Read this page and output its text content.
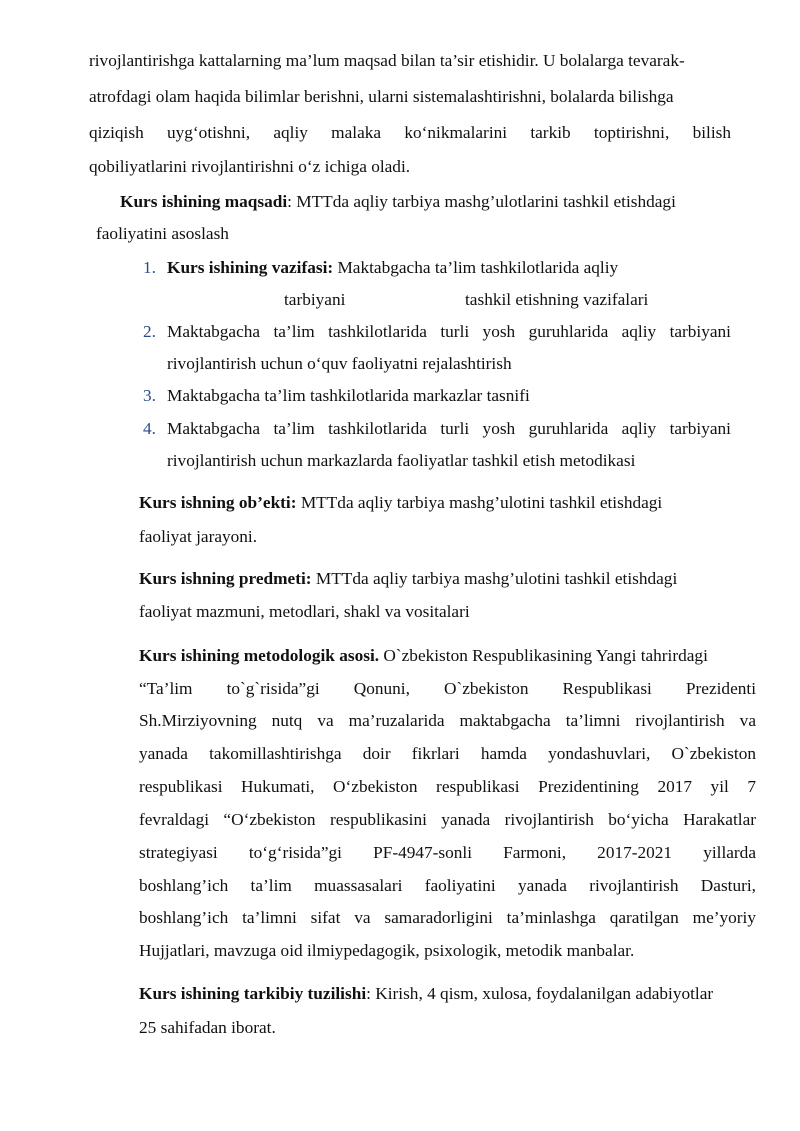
rivojlantirishga kattalarning ma’lum maqsad bilan ta’sir etishidir. U bolalarga tevarak-
atrofdagi olam haqida bilimlar berishni, ularni sistemalashtirishni, bolalarda bilishga
qiziqish uyg‘otishni, aqliy malaka ko‘nikmalarini tarkib toptirishni, bilish
qobiliyatlarini rivojlantirishni o‘z ichiga oladi.
Kurs ishining maqsadi: MTTda aqliy tarbiya mashg’ulotlarini tashkil etishdagi
faoliyatini asoslash
1. Kurs ishining vazifasi: Maktabgacha ta’lim tashkilotlarida aqliy
tarbiyani	tashkil etishning vazifalari
2. Maktabgacha ta’lim tashkilotlarida turli yosh guruhlarida aqliy tarbiyani
rivojlantirish uchun o‘quv faoliyatni rejalashtirish
3. Maktabgacha ta’lim tashkilotlarida markazlar tasnifi
4. Maktabgacha ta’lim tashkilotlarida turli yosh guruhlarida aqliy tarbiyani
rivojlantirish uchun markazlarda faoliyatlar tashkil etish metodikasi
Kurs ishning ob’ekti: MTTda aqliy tarbiya mashg’ulotini tashkil etishdagi
faoliyat jarayoni.
Kurs ishning predmeti: MTTda aqliy tarbiya mashg’ulotini tashkil etishdagi
faoliyat mazmuni, metodlari, shakl va vositalari
Kurs ishining metodologik asosi. O`zbekiston Respublikasining Yangi tahrirdagi
“Ta’lim to`g`risida”gi Qonuni, O`zbekiston Respublikasi Prezidenti
Sh.Mirziyovning nutq va ma’ruzalarida maktabgacha ta’limni rivojlantirish va
yanada takomillashtirishga doir fikrlari hamda yondashuvlari, O`zbekiston
respublikasi Hukumati, O‘zbekiston respublikasi Prezidentining 2017 yil 7
fevraldagi “O‘zbekiston respublikasini yanada rivojlantirish bo‘yicha Harakatlar
strategiyasi to‘g‘risida”gi PF-4947-sonli Farmoni, 2017-2021 yillarda
boshlang’ich ta’lim muassasalari faoliyatini yanada rivojlantirish Dasturi,
boshlang’ich ta’limni sifat va samaradorligini ta’minlashga qaratilgan me’yoriy
Hujjatlari, mavzuga oid ilmiypedagogik, psixologik, metodik manbalar.
Kurs ishining tarkibiy tuzilishi: Kirish, 4 qism, xulosa, foydalanilgan adabiyotlar
25 sahifadan iborat.
